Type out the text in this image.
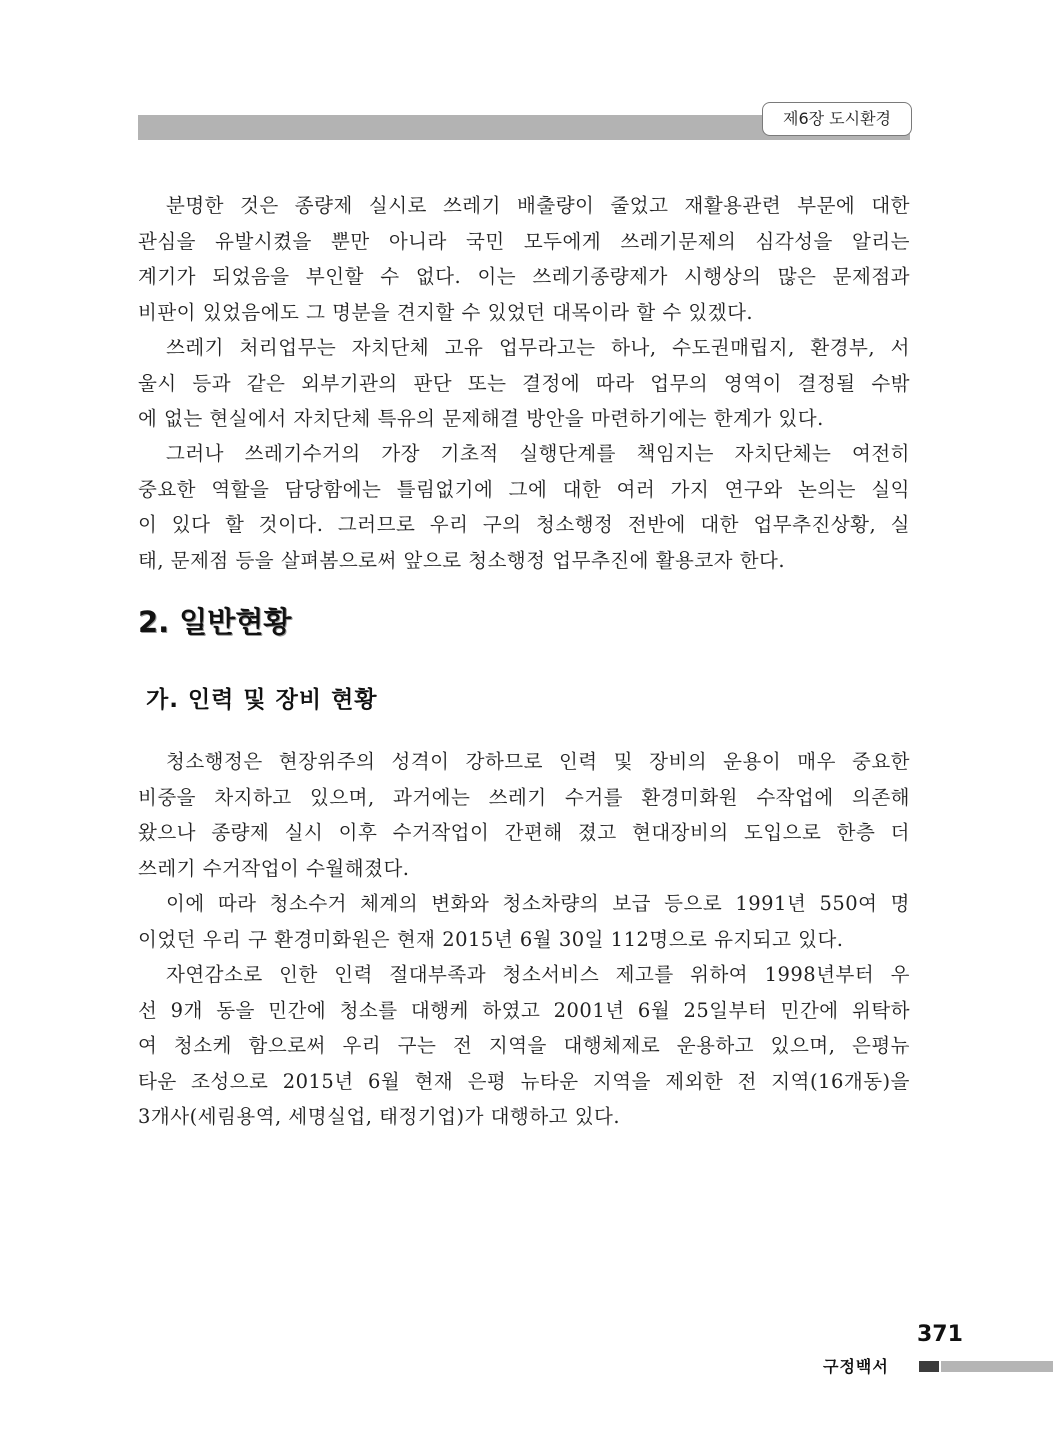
제6장 도시환경
분명한 것은 종량제 실시로 쓰레기 배출량이 줄었고 재활용관련 부문에 대한
관심을 유발시켰을 뿐만 아니라 국민 모두에게 쓰레기문제의 심각성을 알리는
계기가 되었음을 부인할 수 없다. 이는 쓰레기종량제가 시행상의 많은 문제점과
비판이 있었음에도 그 명분을 견지할 수 있었던 대목이라 할 수 있겠다.
쓰레기 처리업무는 자치단체 고유 업무라고는 하나, 수도권매립지, 환경부, 서
울시 등과 같은 외부기관의 판단 또는 결정에 따라 업무의 영역이 결정될 수밖
에 없는 현실에서 자치단체 특유의 문제해결 방안을 마련하기에는 한계가 있다.
그러나 쓰레기수거의 가장 기초적 실행단계를 책임지는 자치단체는 여전히
중요한 역할을 담당함에는 틀림없기에 그에 대한 여러 가지 연구와 논의는 실익
이 있다 할 것이다. 그러므로 우리 구의 청소행정 전반에 대한 업무추진상황, 실
태, 문제점 등을 살펴봄으로써 앞으로 청소행정 업무추진에 활용코자 한다.
2. 일반현황
가. 인력 및 장비 현황
청소행정은 현장위주의 성격이 강하므로 인력 및 장비의 운용이 매우 중요한
비중을 차지하고 있으며, 과거에는 쓰레기 수거를 환경미화원 수작업에 의존해
왔으나 종량제 실시 이후 수거작업이 간편해 졌고 현대장비의 도입으로 한층 더
쓰레기 수거작업이 수월해졌다.
이에 따라 청소수거 체계의 변화와 청소차량의 보급 등으로 1991년 550여 명
이었던 우리 구 환경미화원은 현재 2015년 6월 30일 112명으로 유지되고 있다.
자연감소로 인한 인력 절대부족과 청소서비스 제고를 위하여 1998년부터 우
선 9개 동을 민간에 청소를 대행케 하였고 2001년 6월 25일부터 민간에 위탁하
여 청소케 함으로써 우리 구는 전 지역을 대행체제로 운용하고 있으며, 은평뉴
타운 조성으로 2015년 6월 현재 은평 뉴타운 지역을 제외한 전 지역(16개동)을
3개사(세림용역, 세명실업, 태정기업)가 대행하고 있다.
371
구정백서
